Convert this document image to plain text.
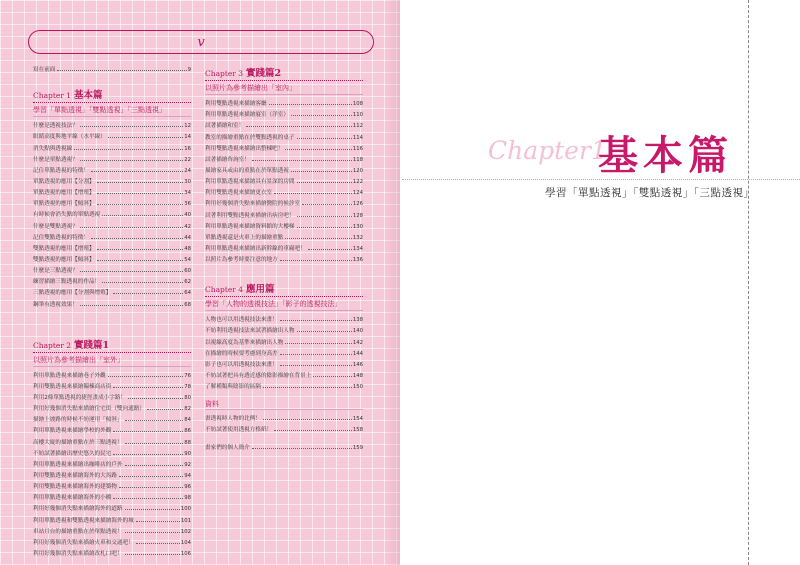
v
寫在前面	9
Chapter 1 基本篇
學習「單點透視」「雙點透視」「三點透視」
什麼是透視技法？	12
眼睛高度與地平線（水平線）	14
消失點與透視線	16
什麼是單點透視？	22
記住單點透視的特徵！	24
單點透視的應用【分割】	30
單點透視的應用【增殖】	34
單點透視的應用【傾斜】	36
有時候會消失點的單點透視	40
什麼是雙點透視？	42
記住雙點透視的特徵！	44
雙點透視的應用【增殖】	48
雙點透視的應用【傾斜】	54
什麼是三點透視？	60
練習描繪三點透視的作品！	62
三點透視的應用【分割與增殖】	64
鋼筆有透視效果！	68
Chapter 2 實踐篇1
以照片為參考描繪出「室外」
利用單點透視來描繪巷子外觀	76
利用雙點透視來描繪獨棟商店街	78
利用2條單點透視的捷徑畫成小字路！	80
利用好幾個消失點來描繪住宅街（雙向通路）	82
描繪上坡路的時候不妨運用「傾斜」	84
利用單點透視來描繪學校的外觀	86
高樓大廈的描繪重點在於三點透視！	88
不妨試著描繪出歷史悠久的民宅	90
利用單點透視來描繪出咖啡店的戶外	92
利用雙點透視來描繪海外的大馬路	94
利用雙點透視來描繪海外的建築物	96
利用單點透視來描繪海外的小橋	98
利用好幾個消失點來描繪海外的道路	100
利用單點透視和雙點透視來描繪海外的城	101
車站月台的描繪重點在於單點透視！	102
利用好幾個消失點來描繪火車和交通吧！	104
利用好幾個消失點來描繪改札口吧！	106
Chapter 3 實踐篇2
以照片為參考描繪出「室內」
利用雙點透視來描繪客廳	108
利用單點透視來描繪寢室（洋室）	110
試著描繪和室！	112
教室的描繪重點在於雙點透視的桌子	114
利用雙點透視來描繪出整棟吧！	116
試著描繪咨詢室！	118
描繪家具或由的重點在於單點透視	120
利用單點透視來描繪具有景深的房間	122
利用雙點透視來描繪更衣室	124
利用好幾個消失點來描繪醫院的候診室	126
試著利用雙點透視來描繪出病房吧！	128
利用單點透視來描繪資料館的大樓梯	130
單點透視還是火車上的描繪重點	132
利用單點透視來描繪出新幹線的車廂吧！	134
以照片為參考時要注意的地方	136
Chapter 4 應用篇
學習「人物的透視技法」「影子的透視技法」
人物也可以用透視技法來畫！	138
不妨利用透視技法來試著描繪出人物	140
以視線高度為基準來描繪出人物	142
在描繪的時候要考慮到身高差	144
影子也可以用透視技法來畫！	146
不妨試著把具有透近感的陰影描繪在背景上	148
了解種類與陰影的區隔	150
資料
畫透視時人物的比例！	154
不妨試著使用透視方格紙！	158
畫家們的個人簡介	159
Chapter1
基本篇
學習「單點透視」「雙點透視」「三點透視」
